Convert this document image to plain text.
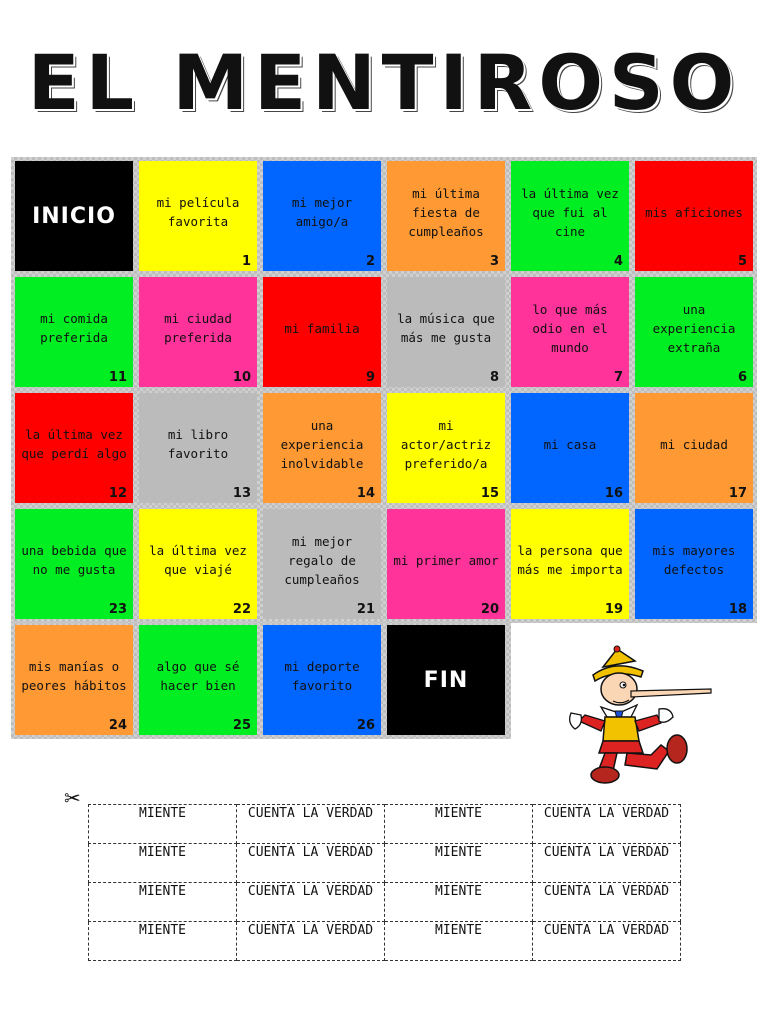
EL MENTIROSO
INICIO
mi película favorita
1
mi mejor amigo/a
2
mi última fiesta de cumpleaños
3
la última vez que fui al cine
4
mis aficiones
5
mi comida preferida
11
mi ciudad preferida
10
mi familia
9
la música que más me gusta
8
lo que más odio en el mundo
7
una experiencia extraña
6
la última vez que perdí algo
12
mi libro favorito
13
una experiencia inolvidable
14
mi actor/actriz preferido/a
15
mi casa
16
mi ciudad
17
una bebida que no me gusta
23
la última vez que viajé
22
mi mejor regalo de cumpleaños
21
mi primer amor
20
la persona que más me importa
19
mis mayores defectos
18
mis manías o peores hábitos
24
algo que sé hacer bien
25
mi deporte favorito
26
FIN
✂
MIENTE	CUENTA LA VERDAD	MIENTE	CUENTA LA VERDAD
MIENTE	CUENTA LA VERDAD	MIENTE	CUENTA LA VERDAD
MIENTE	CUENTA LA VERDAD	MIENTE	CUENTA LA VERDAD
MIENTE	CUENTA LA VERDAD	MIENTE	CUENTA LA VERDAD
